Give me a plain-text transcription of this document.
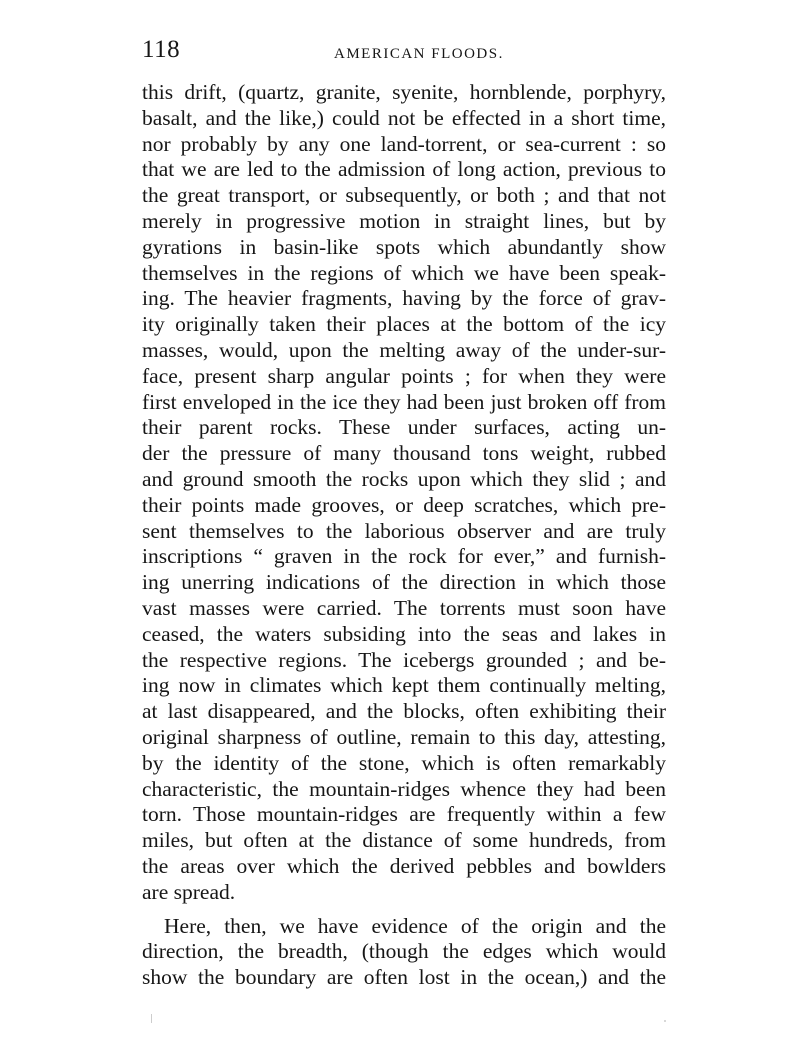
118	AMERICAN FLOODS.
this drift, (quartz, granite, syenite, hornblende, porphyry,
basalt, and the like,) could not be effected in a short time,
nor probably by any one land-torrent, or sea-current : so
that we are led to the admission of long action, previous to
the great transport, or subsequently, or both ; and that not
merely in progressive motion in straight lines, but by
gyrations in basin-like spots which abundantly show
themselves in the regions of which we have been speak-
ing. The heavier fragments, having by the force of grav-
ity originally taken their places at the bottom of the icy
masses, would, upon the melting away of the under-sur-
face, present sharp angular points ; for when they were
first enveloped in the ice they had been just broken off from
their parent rocks. These under surfaces, acting un-
der the pressure of many thousand tons weight, rubbed
and ground smooth the rocks upon which they slid ; and
their points made grooves, or deep scratches, which pre-
sent themselves to the laborious observer and are truly
inscriptions “ graven in the rock for ever,” and furnish-
ing unerring indications of the direction in which those
vast masses were carried. The torrents must soon have
ceased, the waters subsiding into the seas and lakes in
the respective regions. The icebergs grounded ; and be-
ing now in climates which kept them continually melting,
at last disappeared, and the blocks, often exhibiting their
original sharpness of outline, remain to this day, attesting,
by the identity of the stone, which is often remarkably
characteristic, the mountain-ridges whence they had been
torn. Those mountain-ridges are frequently within a few
miles, but often at the distance of some hundreds, from
the areas over which the derived pebbles and bowlders
are spread.
Here, then, we have evidence of the origin and the
direction, the breadth, (though the edges which would
show the boundary are often lost in the ocean,) and the
